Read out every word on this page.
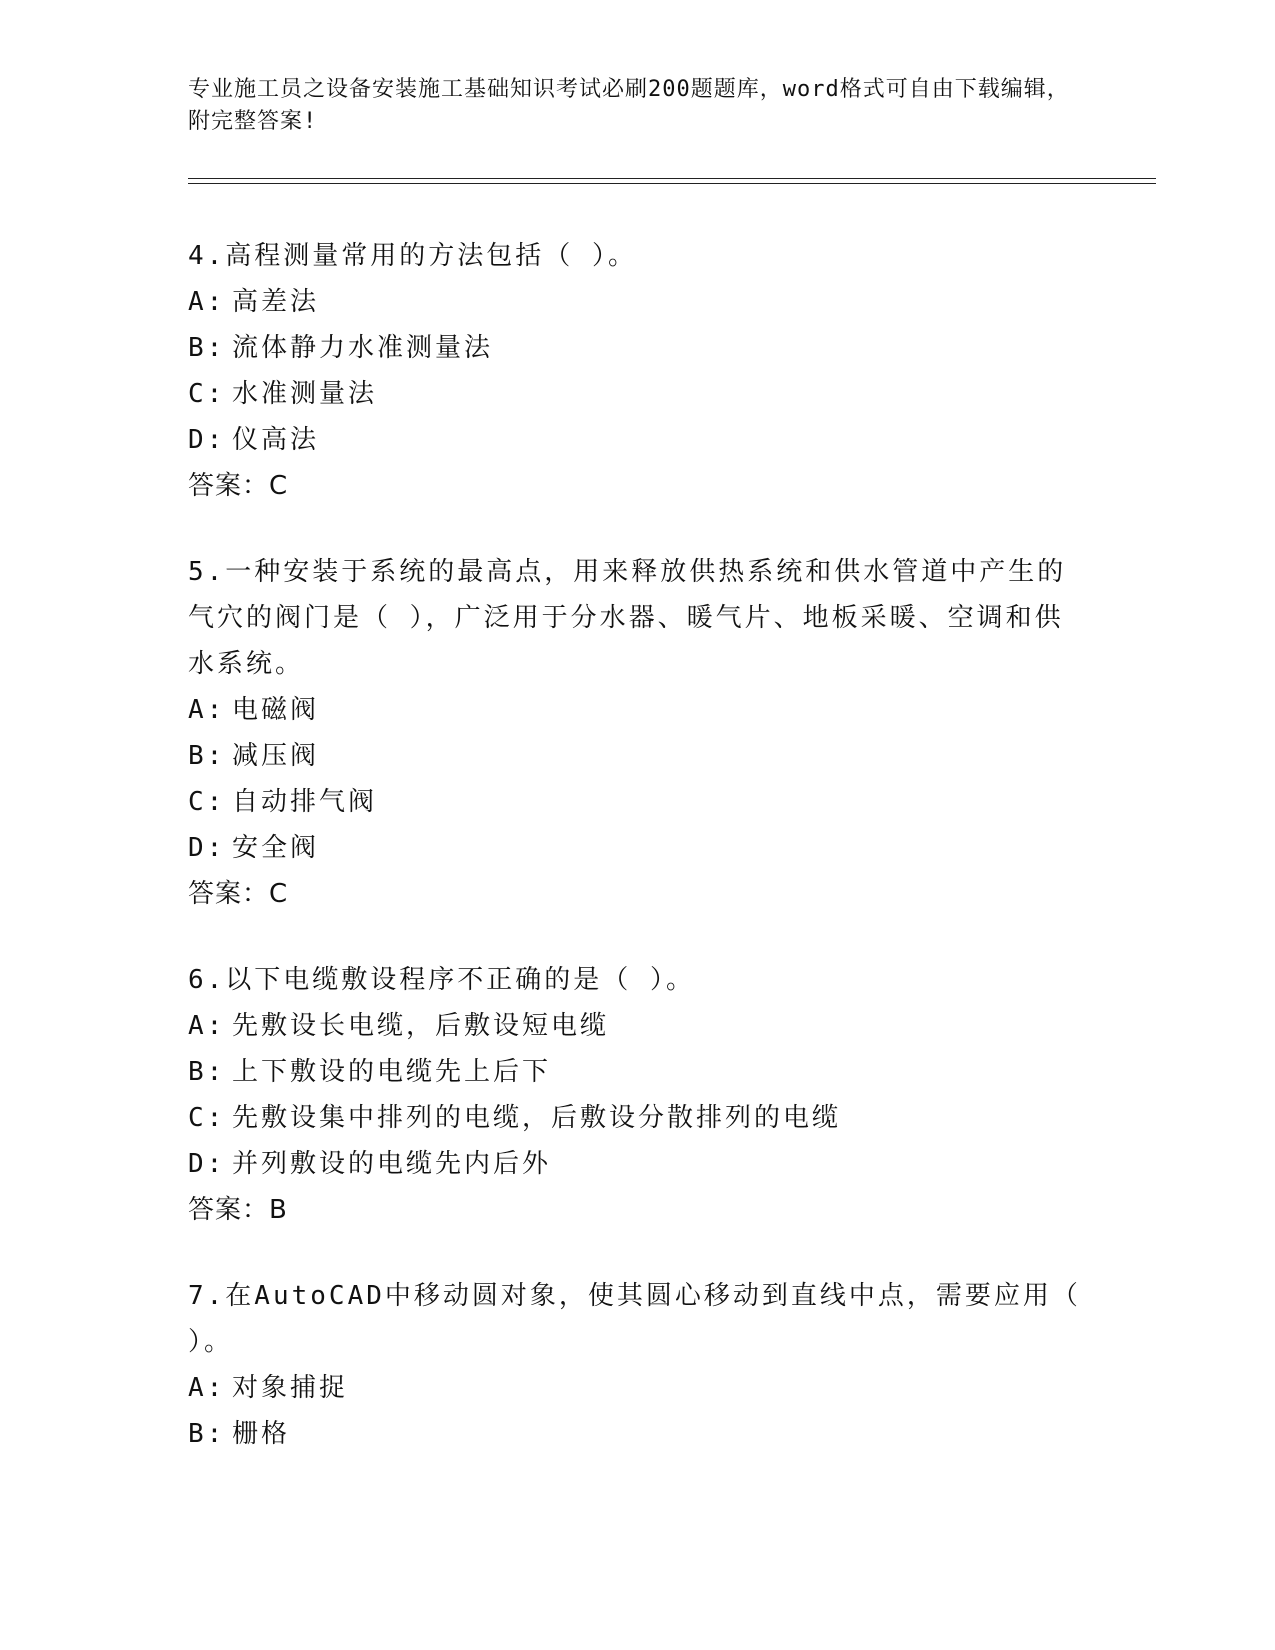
专业施工员之设备安装施工基础知识考试必刷200题题库，word格式可自由下载编辑，附完整答案!
4.高程测量常用的方法包括（ ）。
A: 高差法
B: 流体静力水准测量法
C: 水准测量法
D: 仪高法
答案：C
5.一种安装于系统的最高点，用来释放供热系统和供水管道中产生的气穴的阀门是（ ），广泛用于分水器、暖气片、地板采暖、空调和供水系统。
A: 电磁阀
B: 减压阀
C: 自动排气阀
D: 安全阀
答案：C
6.以下电缆敷设程序不正确的是（ ）。
A: 先敷设长电缆，后敷设短电缆
B: 上下敷设的电缆先上后下
C: 先敷设集中排列的电缆，后敷设分散排列的电缆
D: 并列敷设的电缆先内后外
答案：B
7.在AutoCAD中移动圆对象，使其圆心移动到直线中点，需要应用（ ）。
A: 对象捕捉
B: 栅格
